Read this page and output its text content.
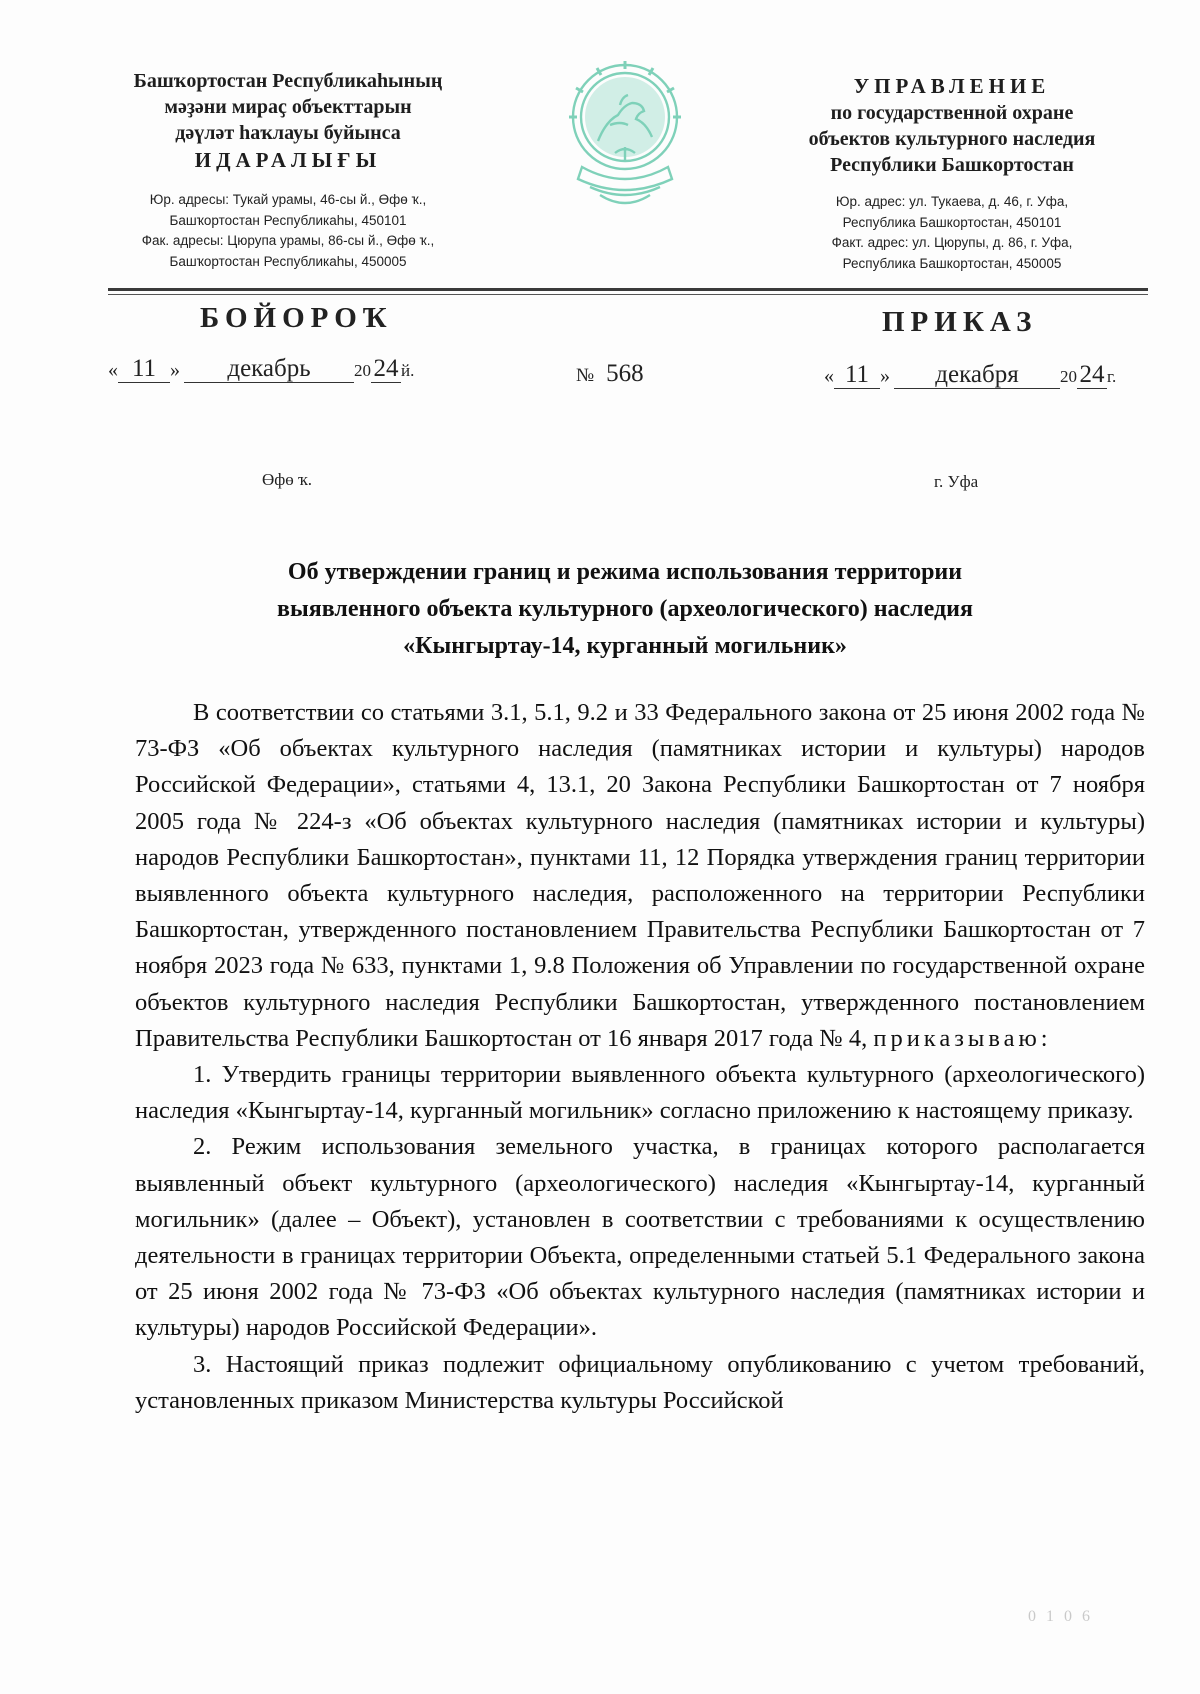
Башҡортостан Республикаһының
мәҙәни мираҫ объекттарын
дәүләт һаҡлауы буйынса
ИДАРАЛЫҒЫ
Юр. адресы: Тукай урамы, 46-сы й., Өфө ҡ.,
Башҡортостан Республикаһы, 450101
Фак. адресы: Цюрупа урамы, 86-сы й., Өфө ҡ.,
Башҡортостан Республикаһы, 450005
УПРАВЛЕНИЕ
по государственной охране
объектов культурного наследия
Республики Башкортостан
Юр. адрес: ул. Тукаева, д. 46, г. Уфа,
Республика Башкортостан, 450101
Факт. адрес: ул. Цюрупы, д. 86, г. Уфа,
Республика Башкортостан, 450005
БОЙОРОҠ	ПРИКАЗ
« 11 » декабрь	20 24 й.	№ 568	« 11 » декабря 20 24 г.
Өфө ҡ.	г. Уфа
Об утверждении границ и режима использования территории
выявленного объекта культурного (археологического) наследия
«Кынгыртау-14, курганный могильник»

В соответствии со статьями 3.1, 5.1, 9.2 и 33 Федерального закона от 25 июня 2002 года № 73-ФЗ «Об объектах культурного наследия (памятниках истории и культуры) народов Российской Федерации», статьями 4, 13.1, 20 Закона Республики Башкортостан от 7 ноября 2005 года № 224-з «Об объектах культурного наследия (памятниках истории и культуры) народов Республики Башкортостан», пунктами 11, 12 Порядка утверждения границ территории выявленного объекта культурного наследия, расположенного на территории Республики Башкортостан, утвержденного постановлением Правительства Республики Башкортостан от 7 ноября 2023 года № 633, пунктами 1, 9.8 Положения об Управлении по государственной охране объектов культурного наследия Республики Башкортостан, утвержденного постановлением Правительства Республики Башкортостан от 16 января 2017 года № 4, приказываю:

1. Утвердить границы территории выявленного объекта культурного (археологического) наследия «Кынгыртау-14, курганный могильник» согласно приложению к настоящему приказу.

2. Режим использования земельного участка, в границах которого располагается выявленный объект культурного (археологического) наследия «Кынгыртау-14, курганный могильник» (далее – Объект), установлен в соответствии с требованиями к осуществлению деятельности в границах территории Объекта, определенными статьей 5.1 Федерального закона от 25 июня 2002 года № 73-ФЗ «Об объектах культурного наследия (памятниках истории и культуры) народов Российской Федерации».

3. Настоящий приказ подлежит официальному опубликованию с учетом требований, установленных приказом Министерства культуры Российской

0 1 0 6
